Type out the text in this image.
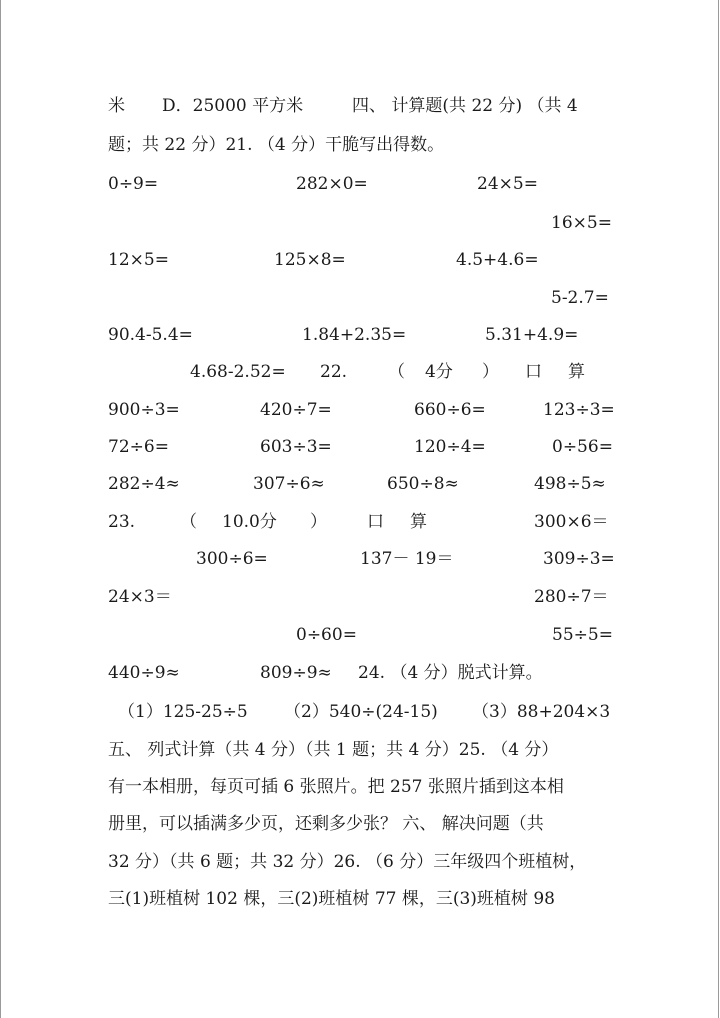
米 D．25000 平方米	四、 计算题(共 22 分) （共 4
题；共 22 分）21. （4 分）干脆写出得数。
0÷9=	282×0=	24×5=
16×5=
12×5=	125×8=	4.5+4.6=
5-2.7=
90.4-5.4=	1.84+2.35=	5.31+4.9=
4.68-2.52= 22. （ 4分 ） 口 算
900÷3=	420÷7=	660÷6=	123÷3=
72÷6=	603÷3=	120÷4=	0÷56=
282÷4≈	307÷6≈	650÷8≈	498÷5≈
23.	（ 10.0分 ） 口 算	300×6＝
300÷6=	137－ 19＝	309÷3=
24×3＝	280÷7＝
0÷60=	55÷5=
440÷9≈	809÷9≈ 24. （4 分）脱式计算。
（1）125-25÷5 （2）540÷(24-15) （3）88+204×3
五、 列式计算（共 4 分）（共 1 题；共 4 分）25. （4 分）
有一本相册，每页可插 6 张照片。把 257 张照片插到这本相
册里，可以插满多少页，还剩多少张？ 六、 解决问题（共
32 分）（共 6 题；共 32 分）26. （6 分）三年级四个班植树，
三(1)班植树 102 棵，三(2)班植树 77 棵，三(3)班植树 98
